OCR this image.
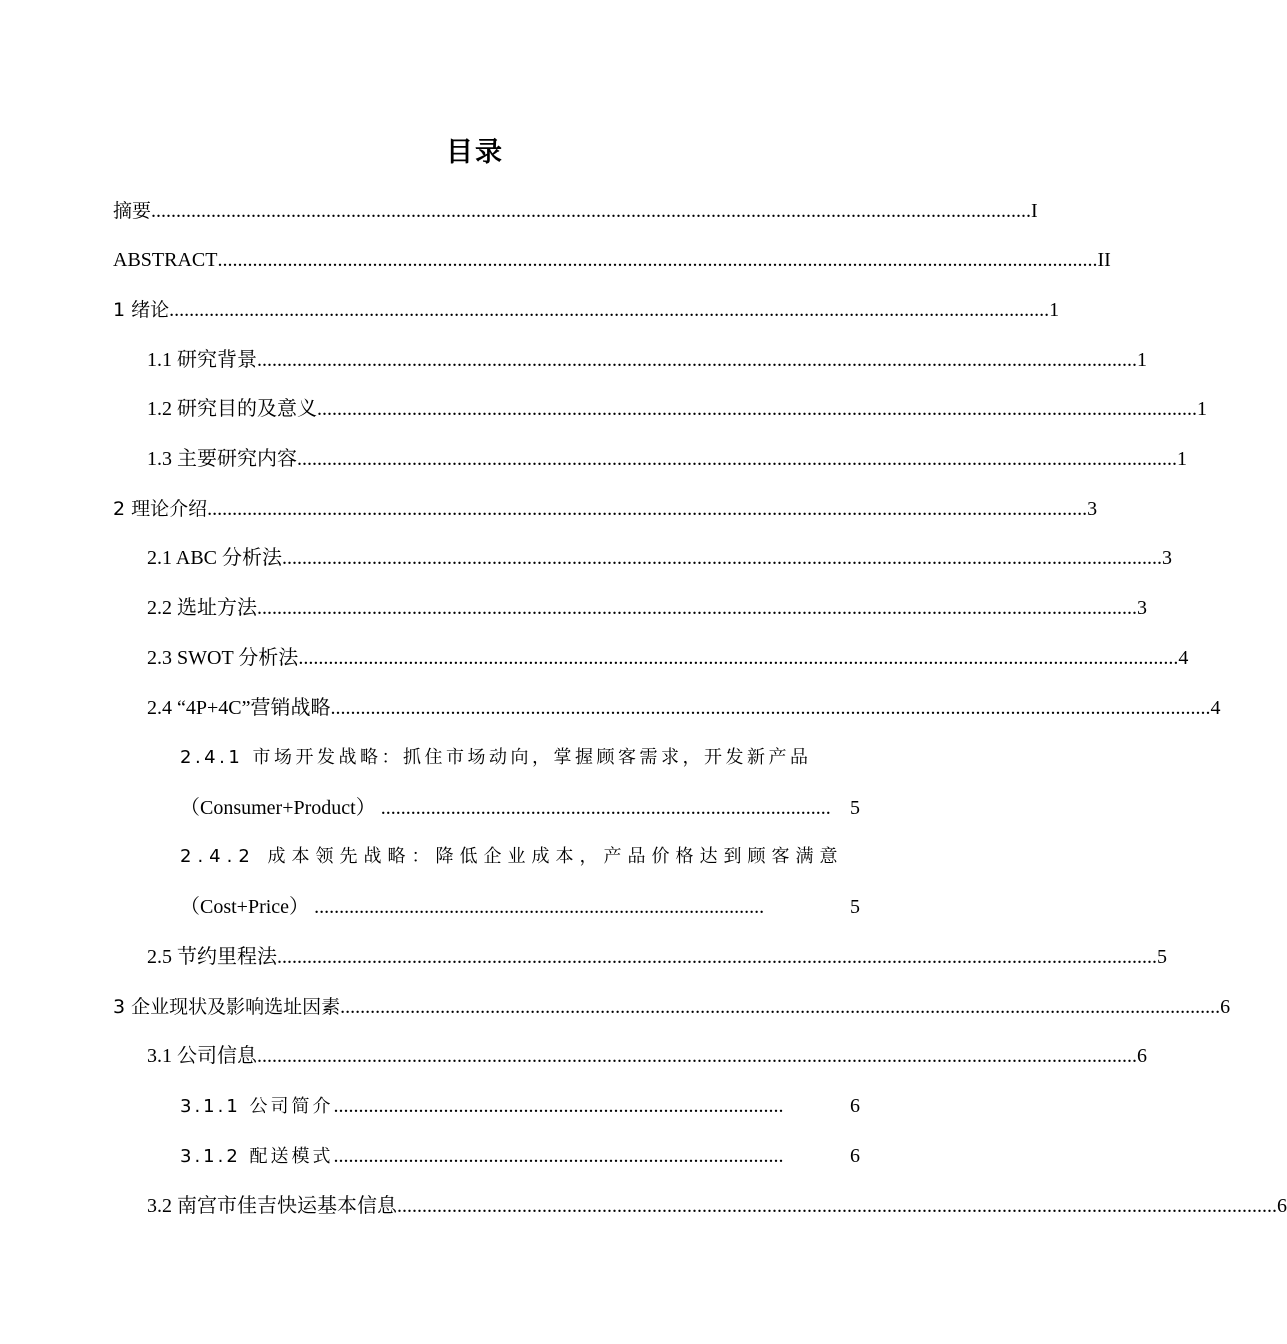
目录
摘要 ................................................................................................................................................................................ I
ABSTRACT ................................................................................................................................................................................ II
1 绪论 ................................................................................................................................................................................ 1
1.1 研究背景 ................................................................................................................................................................................ 1
1.2 研究目的及意义 ................................................................................................................................................................................ 1
1.3 主要研究内容 ................................................................................................................................................................................ 1
2 理论介绍 ................................................................................................................................................................................ 3
2.1 ABC 分析法 ................................................................................................................................................................................ 3
2.2 选址方法 ................................................................................................................................................................................ 3
2.3 SWOT 分析法 ................................................................................................................................................................................ 4
2.4 “4P+4C”营销战略 ................................................................................................................................................................................ 4
2.4.1 市场开发战略：抓住市场动向，掌握顾客需求，开发新产品
（Consumer+Product） .......................................................................................... 5
2.4.2 成本领先战略：降低企业成本，产品价格达到顾客满意
（Cost+Price） ..........................................................................................	5
2.5 节约里程法 ................................................................................................................................................................................ 5
3 企业现状及影响选址因素 ................................................................................................................................................................................ 6
3.1 公司信息 ................................................................................................................................................................................ 6
3.1.1 公司简介 ..........................................................................................	6
3.1.2 配送模式 ..........................................................................................	6
3.2 南宫市佳吉快运基本信息 ................................................................................................................................................................................ 6
